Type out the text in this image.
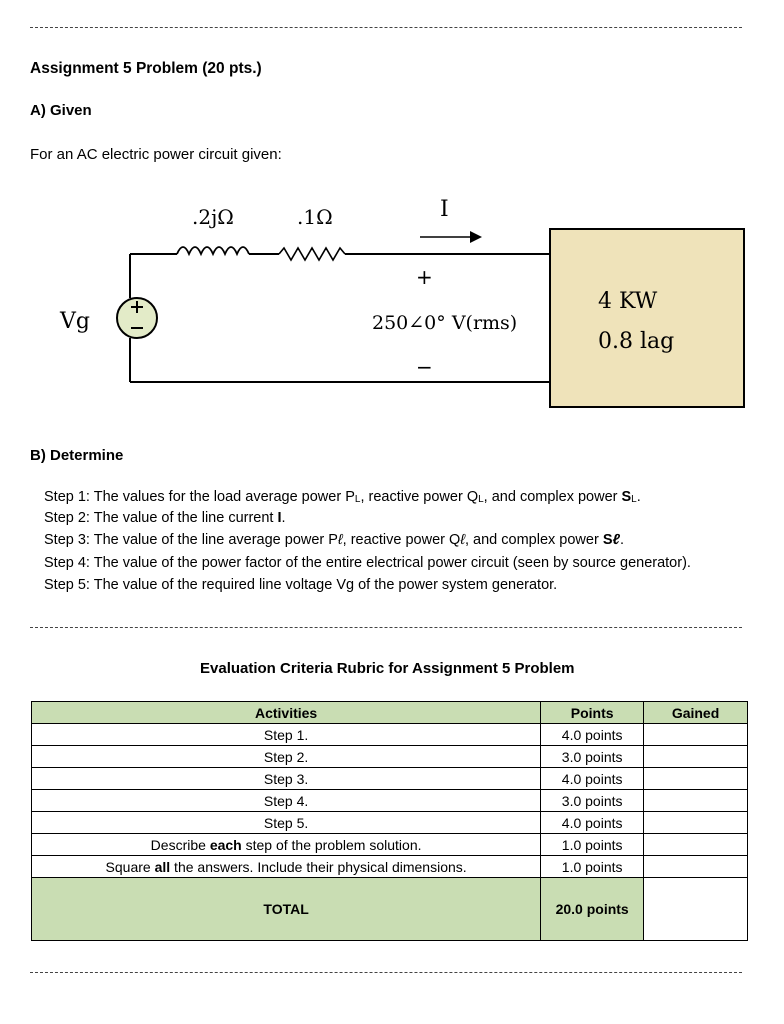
Assignment 5 Problem (20 pts.)
A) Given
For an AC electric power circuit given:
Vg
.2jΩ	.1Ω	I
+
250∠0° V(rms)
−
4 KW
0.8 lag
B) Determine
Step 1: The values for the load average power $P_L$, reactive power $Q_L$, and complex power $S_L$.
Step 2: The value of the line current I.
Step 3: The value of the line average power Pℓ, reactive power Qℓ, and complex power Sℓ.
Step 4: The value of the power factor of the entire electrical power circuit (seen by source generator).
Step 5: The value of the required line voltage Vg of the power system generator.
Evaluation Criteria Rubric for Assignment 5 Problem
Activities	Points	Gained
Step 1.	4.0 points	
Step 2.	3.0 points	
Step 3.	4.0 points	
Step 4.	3.0 points	
Step 5.	4.0 points	
Describe each step of the problem solution.	1.0 points	
Square all the answers. Include their physical dimensions.	1.0 points	
TOTAL	20.0 points	
